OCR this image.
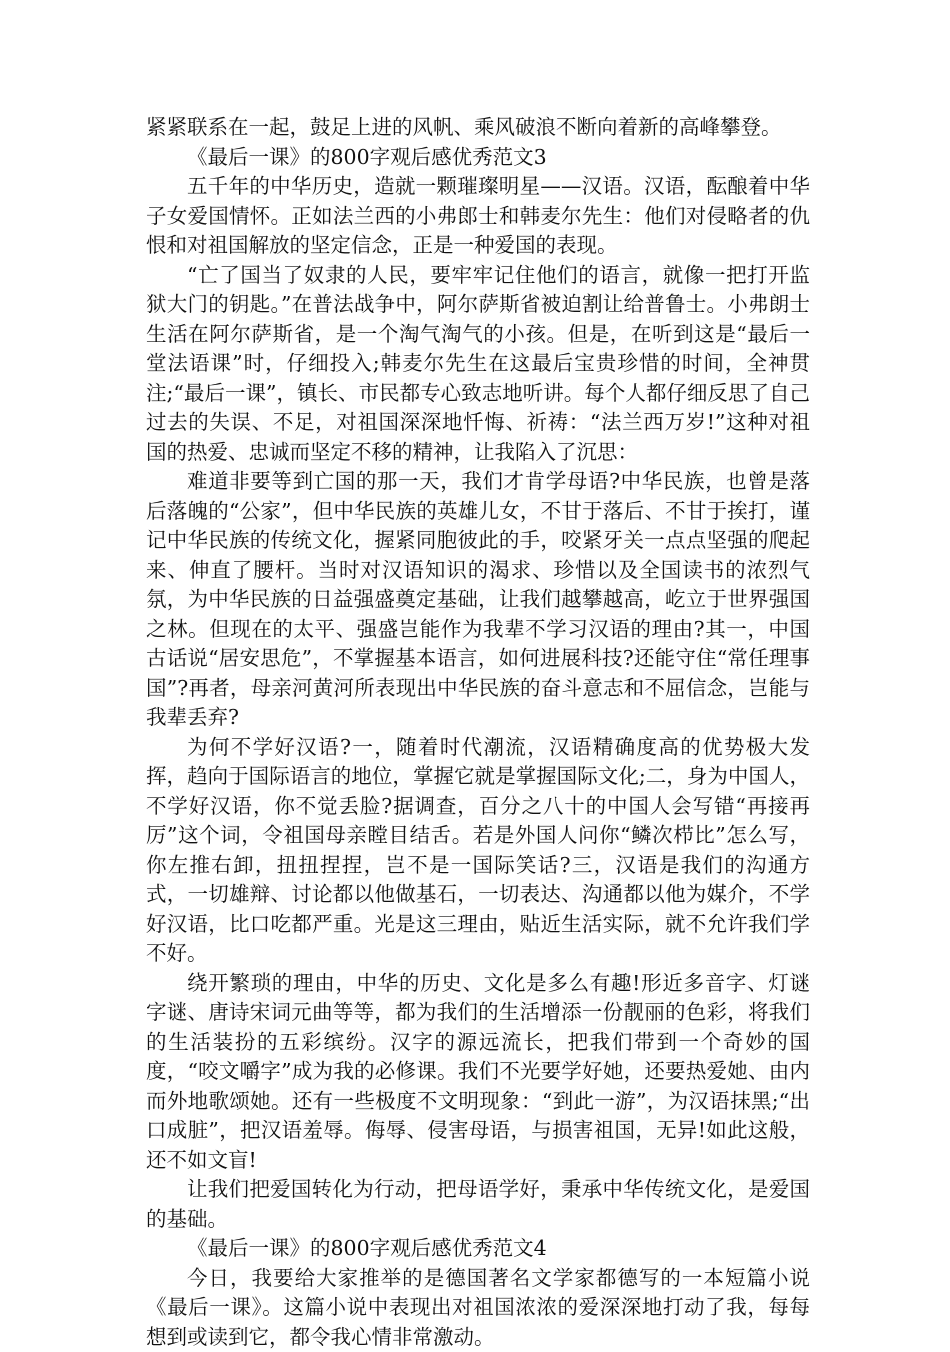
紧紧联系在一起，鼓足上进的风帆、乘风破浪不断向着新的高峰攀登。

《最后一课》的800字观后感优秀范文3

五千年的中华历史，造就一颗璀璨明星——汉语。汉语，酝酿着中华子女爱国情怀。正如法兰西的小弗郎士和韩麦尔先生：他们对侵略者的仇恨和对祖国解放的坚定信念，正是一种爱国的表现。

“亡了国当了奴隶的人民，要牢牢记住他们的语言，就像一把打开监狱大门的钥匙。”在普法战争中，阿尔萨斯省被迫割让给普鲁士。小弗朗士生活在阿尔萨斯省，是一个淘气淘气的小孩。但是，在听到这是“最后一堂法语课”时，仔细投入;韩麦尔先生在这最后宝贵珍惜的时间，全神贯注;“最后一课”，镇长、市民都专心致志地听讲。每个人都仔细反思了自己过去的失误、不足，对祖国深深地忏悔、祈祷：“法兰西万岁!”这种对祖国的热爱、忠诚而坚定不移的精神，让我陷入了沉思：

难道非要等到亡国的那一天，我们才肯学母语?中华民族，也曾是落后落魄的“公家”，但中华民族的英雄儿女，不甘于落后、不甘于挨打，谨记中华民族的传统文化，握紧同胞彼此的手，咬紧牙关一点点坚强的爬起来、伸直了腰杆。当时对汉语知识的渴求、珍惜以及全国读书的浓烈气氛，为中华民族的日益强盛奠定基础，让我们越攀越高，屹立于世界强国之林。但现在的太平、强盛岂能作为我辈不学习汉语的理由?其一，中国古话说“居安思危”，不掌握基本语言，如何进展科技?还能守住“常任理事国”?再者，母亲河黄河所表现出中华民族的奋斗意志和不屈信念，岂能与我辈丢弃?

为何不学好汉语?一，随着时代潮流，汉语精确度高的优势极大发挥，趋向于国际语言的地位，掌握它就是掌握国际文化;二，身为中国人，不学好汉语，你不觉丢脸?据调查，百分之八十的中国人会写错“再接再厉”这个词，令祖国母亲瞠目结舌。若是外国人问你“鳞次栉比”怎么写，你左推右卸，扭扭捏捏，岂不是一国际笑话?三，汉语是我们的沟通方式，一切雄辩、讨论都以他做基石，一切表达、沟通都以他为媒介，不学好汉语，比口吃都严重。光是这三理由，贴近生活实际，就不允许我们学不好。

绕开繁琐的理由，中华的历史、文化是多么有趣!形近多音字、灯谜字谜、唐诗宋词元曲等等，都为我们的生活增添一份靓丽的色彩，将我们的生活装扮的五彩缤纷。汉字的源远流长，把我们带到一个奇妙的国度，“咬文嚼字”成为我的必修课。我们不光要学好她，还要热爱她、由内而外地歌颂她。还有一些极度不文明现象：“到此一游”，为汉语抹黑;“出口成脏”，把汉语羞辱。侮辱、侵害母语，与损害祖国，无异!如此这般，还不如文盲!

让我们把爱国转化为行动，把母语学好，秉承中华传统文化，是爱国的基础。

《最后一课》的800字观后感优秀范文4

今日，我要给大家推举的是德国著名文学家都德写的一本短篇小说《最后一课》。这篇小说中表现出对祖国浓浓的爱深深地打动了我，每每想到或读到它，都令我心情非常激动。
